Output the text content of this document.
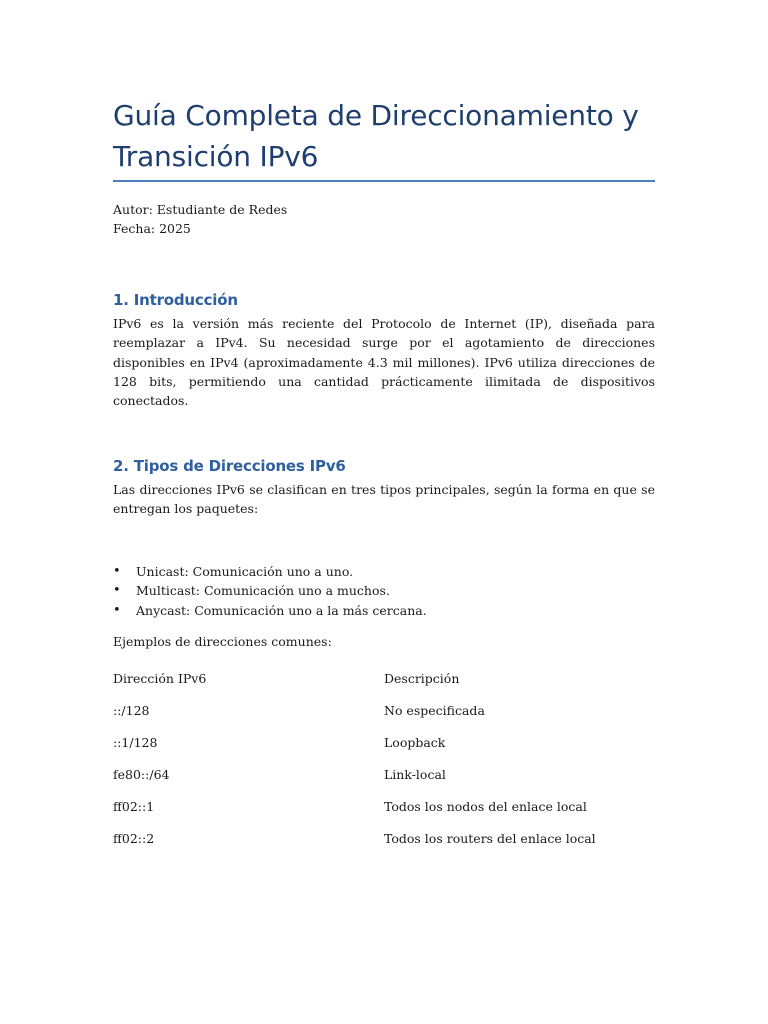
Guía Completa de Direccionamiento y
Transición IPv6
Autor: Estudiante de Redes
Fecha: 2025
1. Introducción

IPv6 es la versión más reciente del Protocolo de Internet (IP), diseñada para reemplazar a IPv4. Su necesidad surge por el agotamiento de direcciones disponibles en IPv4 (aproximadamente 4.3 mil millones). IPv6 utiliza direcciones de 128 bits, permitiendo una cantidad prácticamente ilimitada de dispositivos conectados.

2. Tipos de Direcciones IPv6

Las direcciones IPv6 se clasifican en tres tipos principales, según la forma en que se entregan los paquetes:

• Unicast: Comunicación uno a uno.
• Multicast: Comunicación uno a muchos.
• Anycast: Comunicación uno a la más cercana.
Ejemplos de direcciones comunes:
Dirección IPv6	Descripción
::/128	No especificada
::1/128	Loopback
fe80::/64	Link-local
ff02::1	Todos los nodos del enlace local
ff02::2	Todos los routers del enlace local
